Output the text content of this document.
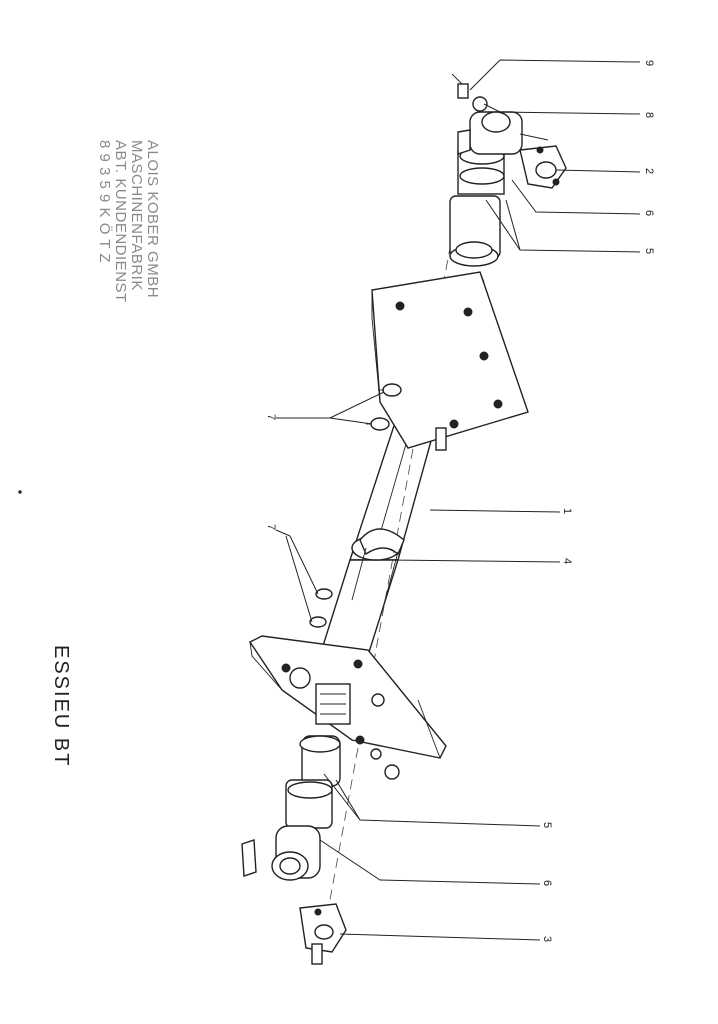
ALOIS KOBER GMBH
MASCHINENFABRIK
ABT. KUNDENDIENST
8 9 3 5 9 K Ö T Z
ESSIEU BT
9
8
2
6
5
7
1
7
4
5
6
3
